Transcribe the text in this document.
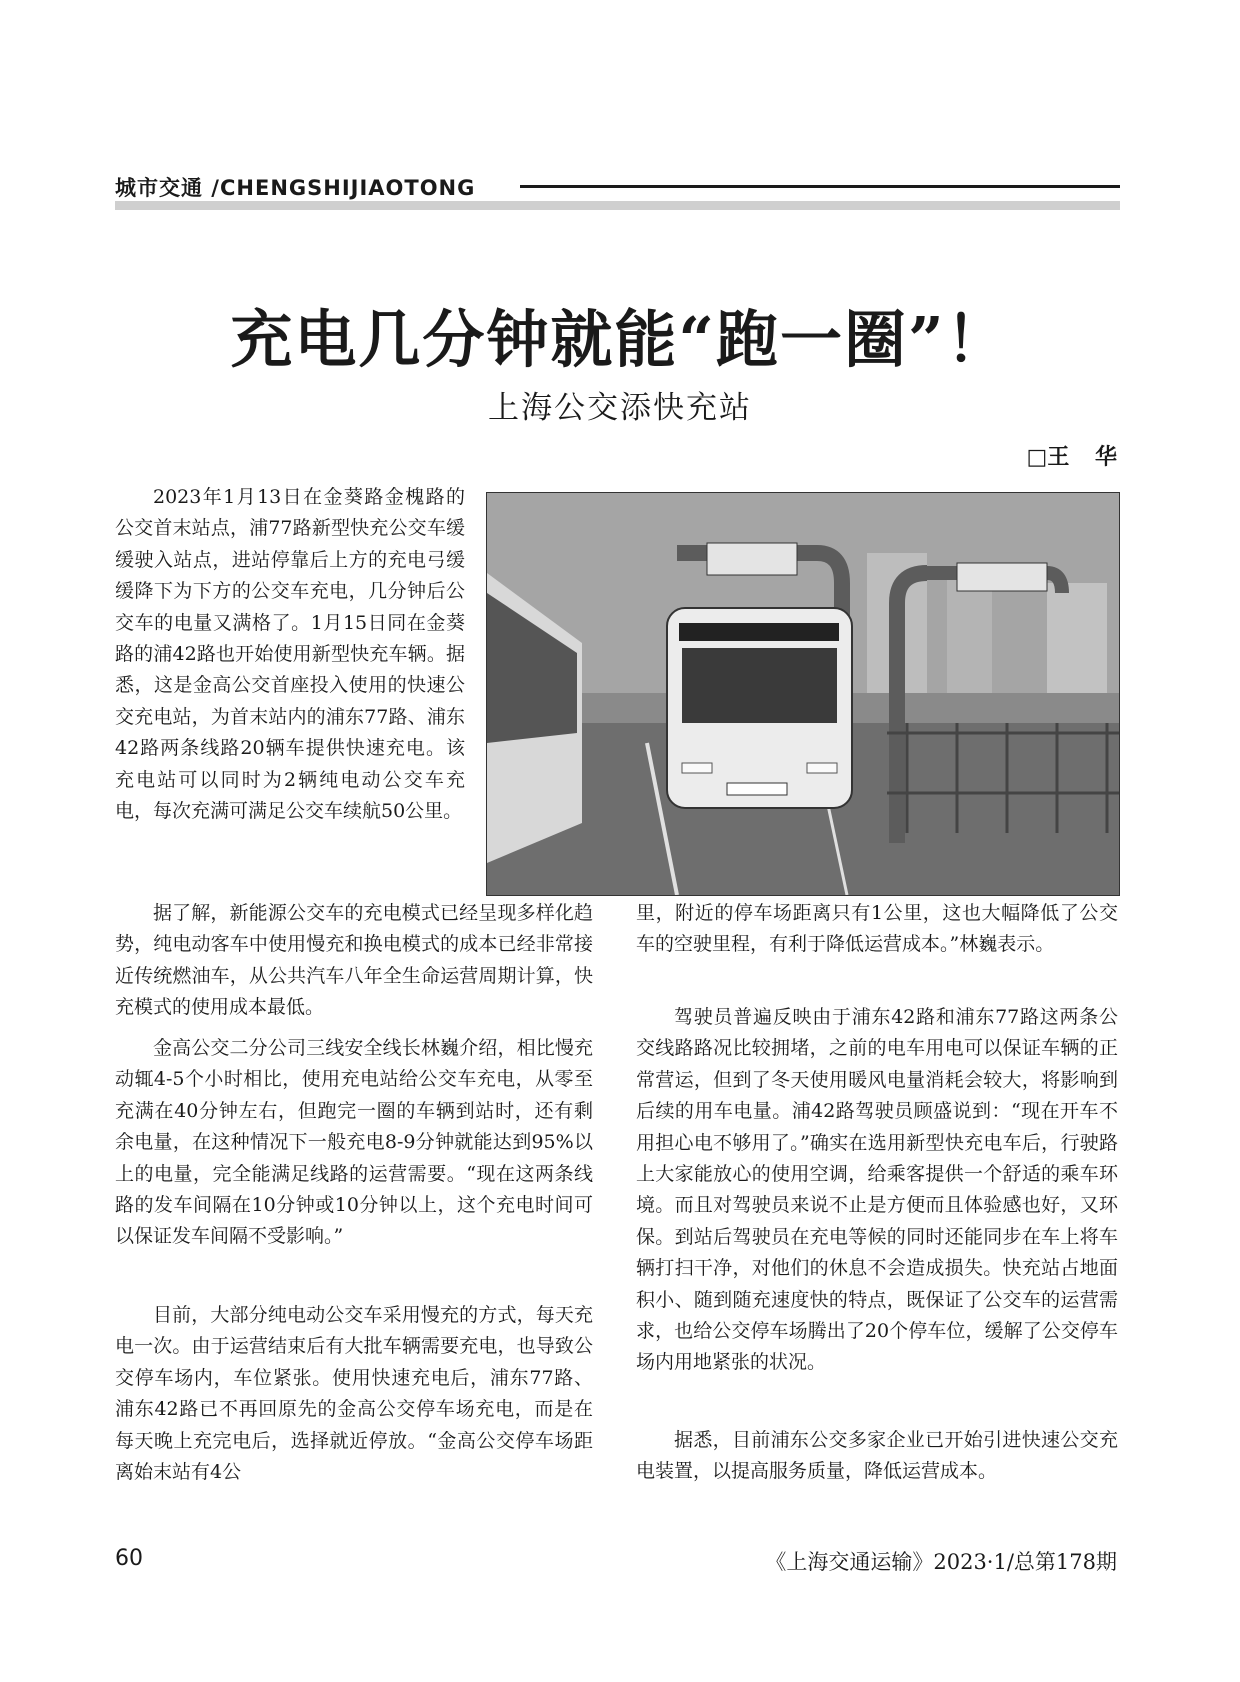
城市交通 /CHENGSHIJIAOTONG
充电几分钟就能“跑一圈”！
上海公交添快充站
□王 华

2023年1月13日在金葵路金槐路的公交首末站点，浦77路新型快充公交车缓缓驶入站点，进站停靠后上方的充电弓缓缓降下为下方的公交车充电，几分钟后公交车的电量又满格了。1月15日同在金葵路的浦42路也开始使用新型快充车辆。据悉，这是金高公交首座投入使用的快速公交充电站，为首末站内的浦东77路、浦东42路两条线路20辆车提供快速充电。该充电站可以同时为2辆纯电动公交车充电，每次充满可满足公交车续航50公里。

据了解，新能源公交车的充电模式已经呈现多样化趋势，纯电动客车中使用慢充和换电模式的成本已经非常接近传统燃油车，从公共汽车八年全生命运营周期计算，快充模式的使用成本最低。

金高公交二分公司三线安全线长林巍介绍，相比慢充动辄4-5个小时相比，使用充电站给公交车充电，从零至充满在40分钟左右，但跑完一圈的车辆到站时，还有剩余电量，在这种情况下一般充电8-9分钟就能达到95%以上的电量，完全能满足线路的运营需要。“现在这两条线路的发车间隔在10分钟或10分钟以上，这个充电时间可以保证发车间隔不受影响。”

目前，大部分纯电动公交车采用慢充的方式，每天充电一次。由于运营结束后有大批车辆需要充电，也导致公交停车场内，车位紧张。使用快速充电后，浦东77路、浦东42路已不再回原先的金高公交停车场充电，而是在每天晚上充完电后，选择就近停放。“金高公交停车场距离始末站有4公

里，附近的停车场距离只有1公里，这也大幅降低了公交车的空驶里程，有利于降低运营成本。”林巍表示。

驾驶员普遍反映由于浦东42路和浦东77路这两条公交线路路况比较拥堵，之前的电车用电可以保证车辆的正常营运，但到了冬天使用暖风电量消耗会较大，将影响到后续的用车电量。浦42路驾驶员顾盛说到：“现在开车不用担心电不够用了。”确实在选用新型快充电车后，行驶路上大家能放心的使用空调，给乘客提供一个舒适的乘车环境。而且对驾驶员来说不止是方便而且体验感也好，又环保。到站后驾驶员在充电等候的同时还能同步在车上将车辆打扫干净，对他们的休息不会造成损失。快充站占地面积小、随到随充速度快的特点，既保证了公交车的运营需求，也给公交停车场腾出了20个停车位，缓解了公交停车场内用地紧张的状况。

据悉，目前浦东公交多家企业已开始引进快速公交充电装置，以提高服务质量，降低运营成本。

60	《上海交通运输》2023·1/总第178期
